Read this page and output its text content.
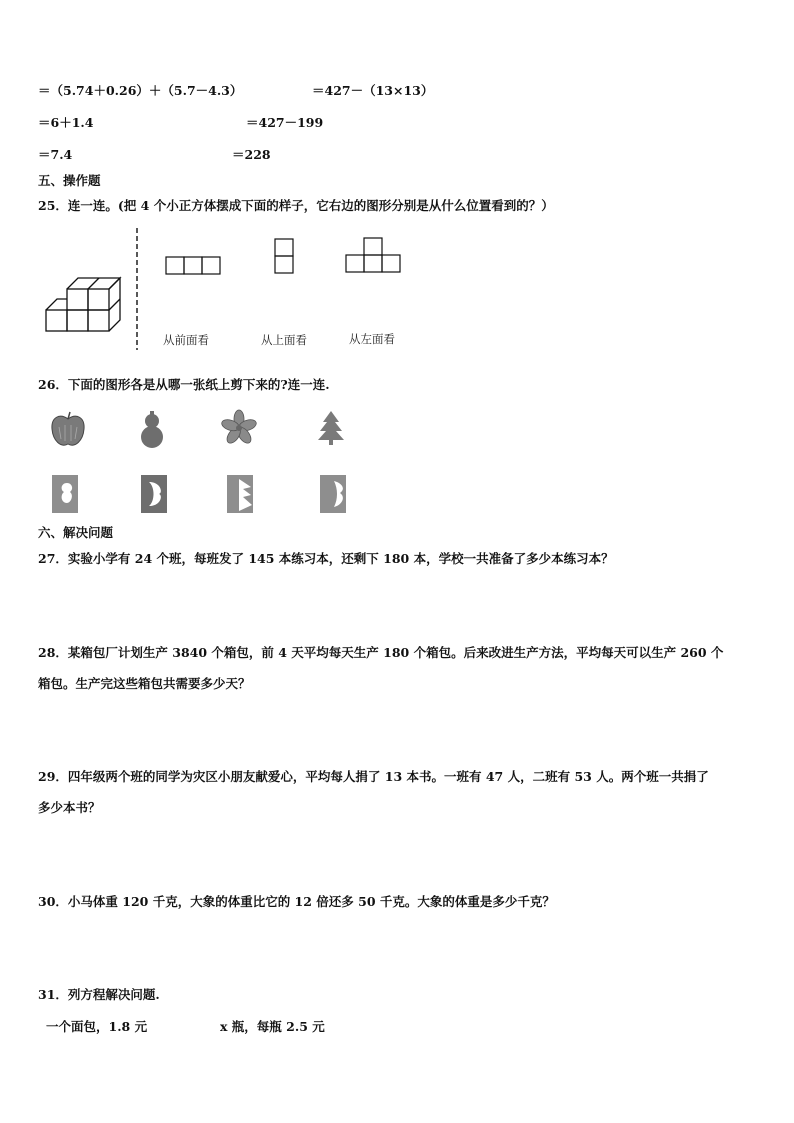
＝（5.74＋0.26）＋（5.7－4.3）	＝427－（13×13）
＝6＋1.4	＝427－199
＝7.4	＝228
五、操作题
25．连一连。(把 4 个小正方体摆成下面的样子，它右边的图形分别是从什么位置看到的？）
从前面看	从上面看	从左面看
26．下面的图形各是从哪一张纸上剪下来的?连一连.
六、解决问题
27．实验小学有 24 个班，每班发了 145 本练习本，还剩下 180 本，学校一共准备了多少本练习本？
28．某箱包厂计划生产 3840 个箱包，前 4 天平均每天生产 180 个箱包。后来改进生产方法，平均每天可以生产 260 个
箱包。生产完这些箱包共需要多少天？
29．四年级两个班的同学为灾区小朋友献爱心，平均每人捐了 13 本书。一班有 47 人，二班有 53 人。两个班一共捐了
多少本书？
30．小马体重 120 千克，大象的体重比它的 12 倍还多 50 千克。大象的体重是多少千克？
31．列方程解决问题.
一个面包，1.8 元	x 瓶，每瓶 2.5 元
